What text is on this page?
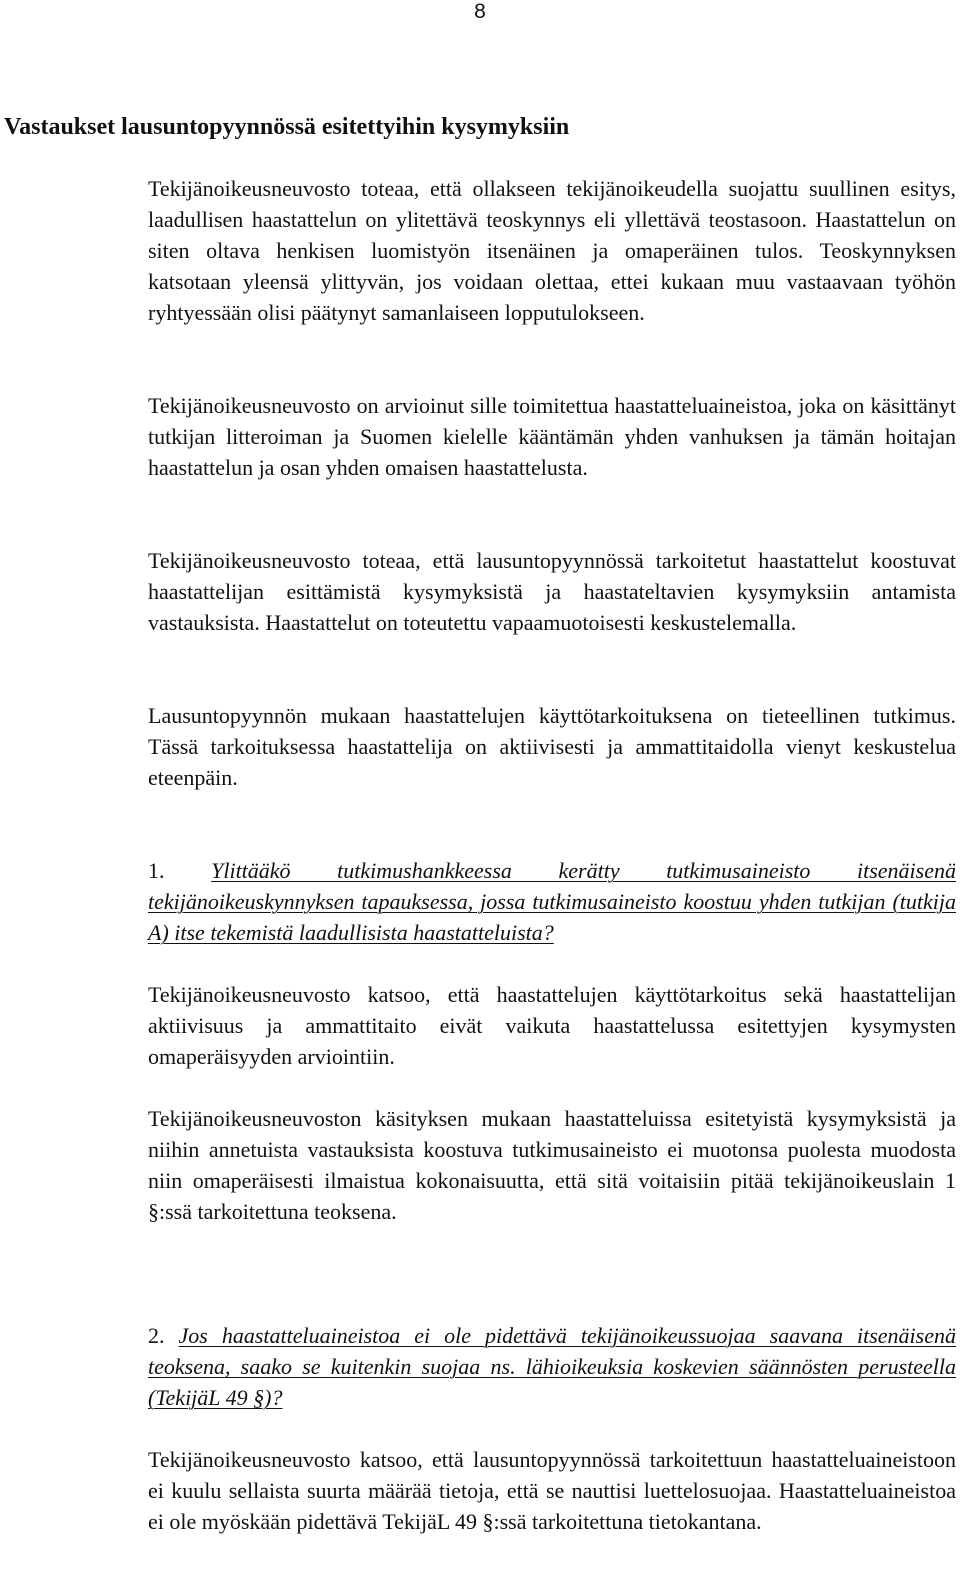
8
Vastaukset lausuntopyynnössä esitettyihin kysymyksiin

Tekijänoikeusneuvosto toteaa, että ollakseen tekijänoikeudella suojattu suullinen esitys, laadullisen haastattelun on ylitettävä teoskynnys eli yllettävä teostasoon. Haastattelun on siten oltava henkisen luomistyön itsenäinen ja omaperäinen tulos. Teoskynnyksen katsotaan yleensä ylittyvän, jos voidaan olettaa, ettei kukaan muu vastaavaan työhön ryhtyessään olisi päätynyt samanlaiseen lopputulokseen.

Tekijänoikeusneuvosto on arvioinut sille toimitettua haastatteluaineistoa, joka on käsittänyt tutkijan litteroiman ja Suomen kielelle kääntämän yhden vanhuksen ja tämän hoitajan haastattelun ja osan yhden omaisen haastattelusta.

Tekijänoikeusneuvosto toteaa, että lausuntopyynnössä tarkoitetut haastattelut koostuvat haastattelijan esittämistä kysymyksistä ja haastateltavien kysymyksiin antamista vastauksista. Haastattelut on toteutettu vapaamuotoisesti keskustelemalla.

Lausuntopyynnön mukaan haastattelujen käyttötarkoituksena on tieteellinen tutkimus. Tässä tarkoituksessa haastattelija on aktiivisesti ja ammattitaidolla vienyt keskustelua eteenpäin.

1. Ylittääkö tutkimushankkeessa kerätty tutkimusaineisto itsenäisenä tekijänoikeuskynnyksen tapauksessa, jossa tutkimusaineisto koostuu yhden tutkijan (tutkija A) itse tekemistä laadullisista haastatteluista?

Tekijänoikeusneuvosto katsoo, että haastattelujen käyttötarkoitus sekä haastattelijan aktiivisuus ja ammattitaito eivät vaikuta haastattelussa esitettyjen kysymysten omaperäisyyden arviointiin.

Tekijänoikeusneuvoston käsityksen mukaan haastatteluissa esitetyistä kysymyksistä ja niihin annetuista vastauksista koostuva tutkimusaineisto ei muotonsa puolesta muodosta niin omaperäisesti ilmaistua kokonaisuutta, että sitä voitaisiin pitää tekijänoikeuslain 1 §:ssä tarkoitettuna teoksena.

2. Jos haastatteluaineistoa ei ole pidettävä tekijänoikeussuojaa saavana itsenäisenä teoksena, saako se kuitenkin suojaa ns. lähioikeuksia koskevien säännösten perusteella (TekijäL 49 §)?

Tekijänoikeusneuvosto katsoo, että lausuntopyynnössä tarkoitettuun haastatteluaineistoon ei kuulu sellaista suurta määrää tietoja, että se nauttisi luettelosuojaa. Haastatteluaineistoa ei ole myöskään pidettävä TekijäL 49 §:ssä tarkoitettuna tietokantana.
